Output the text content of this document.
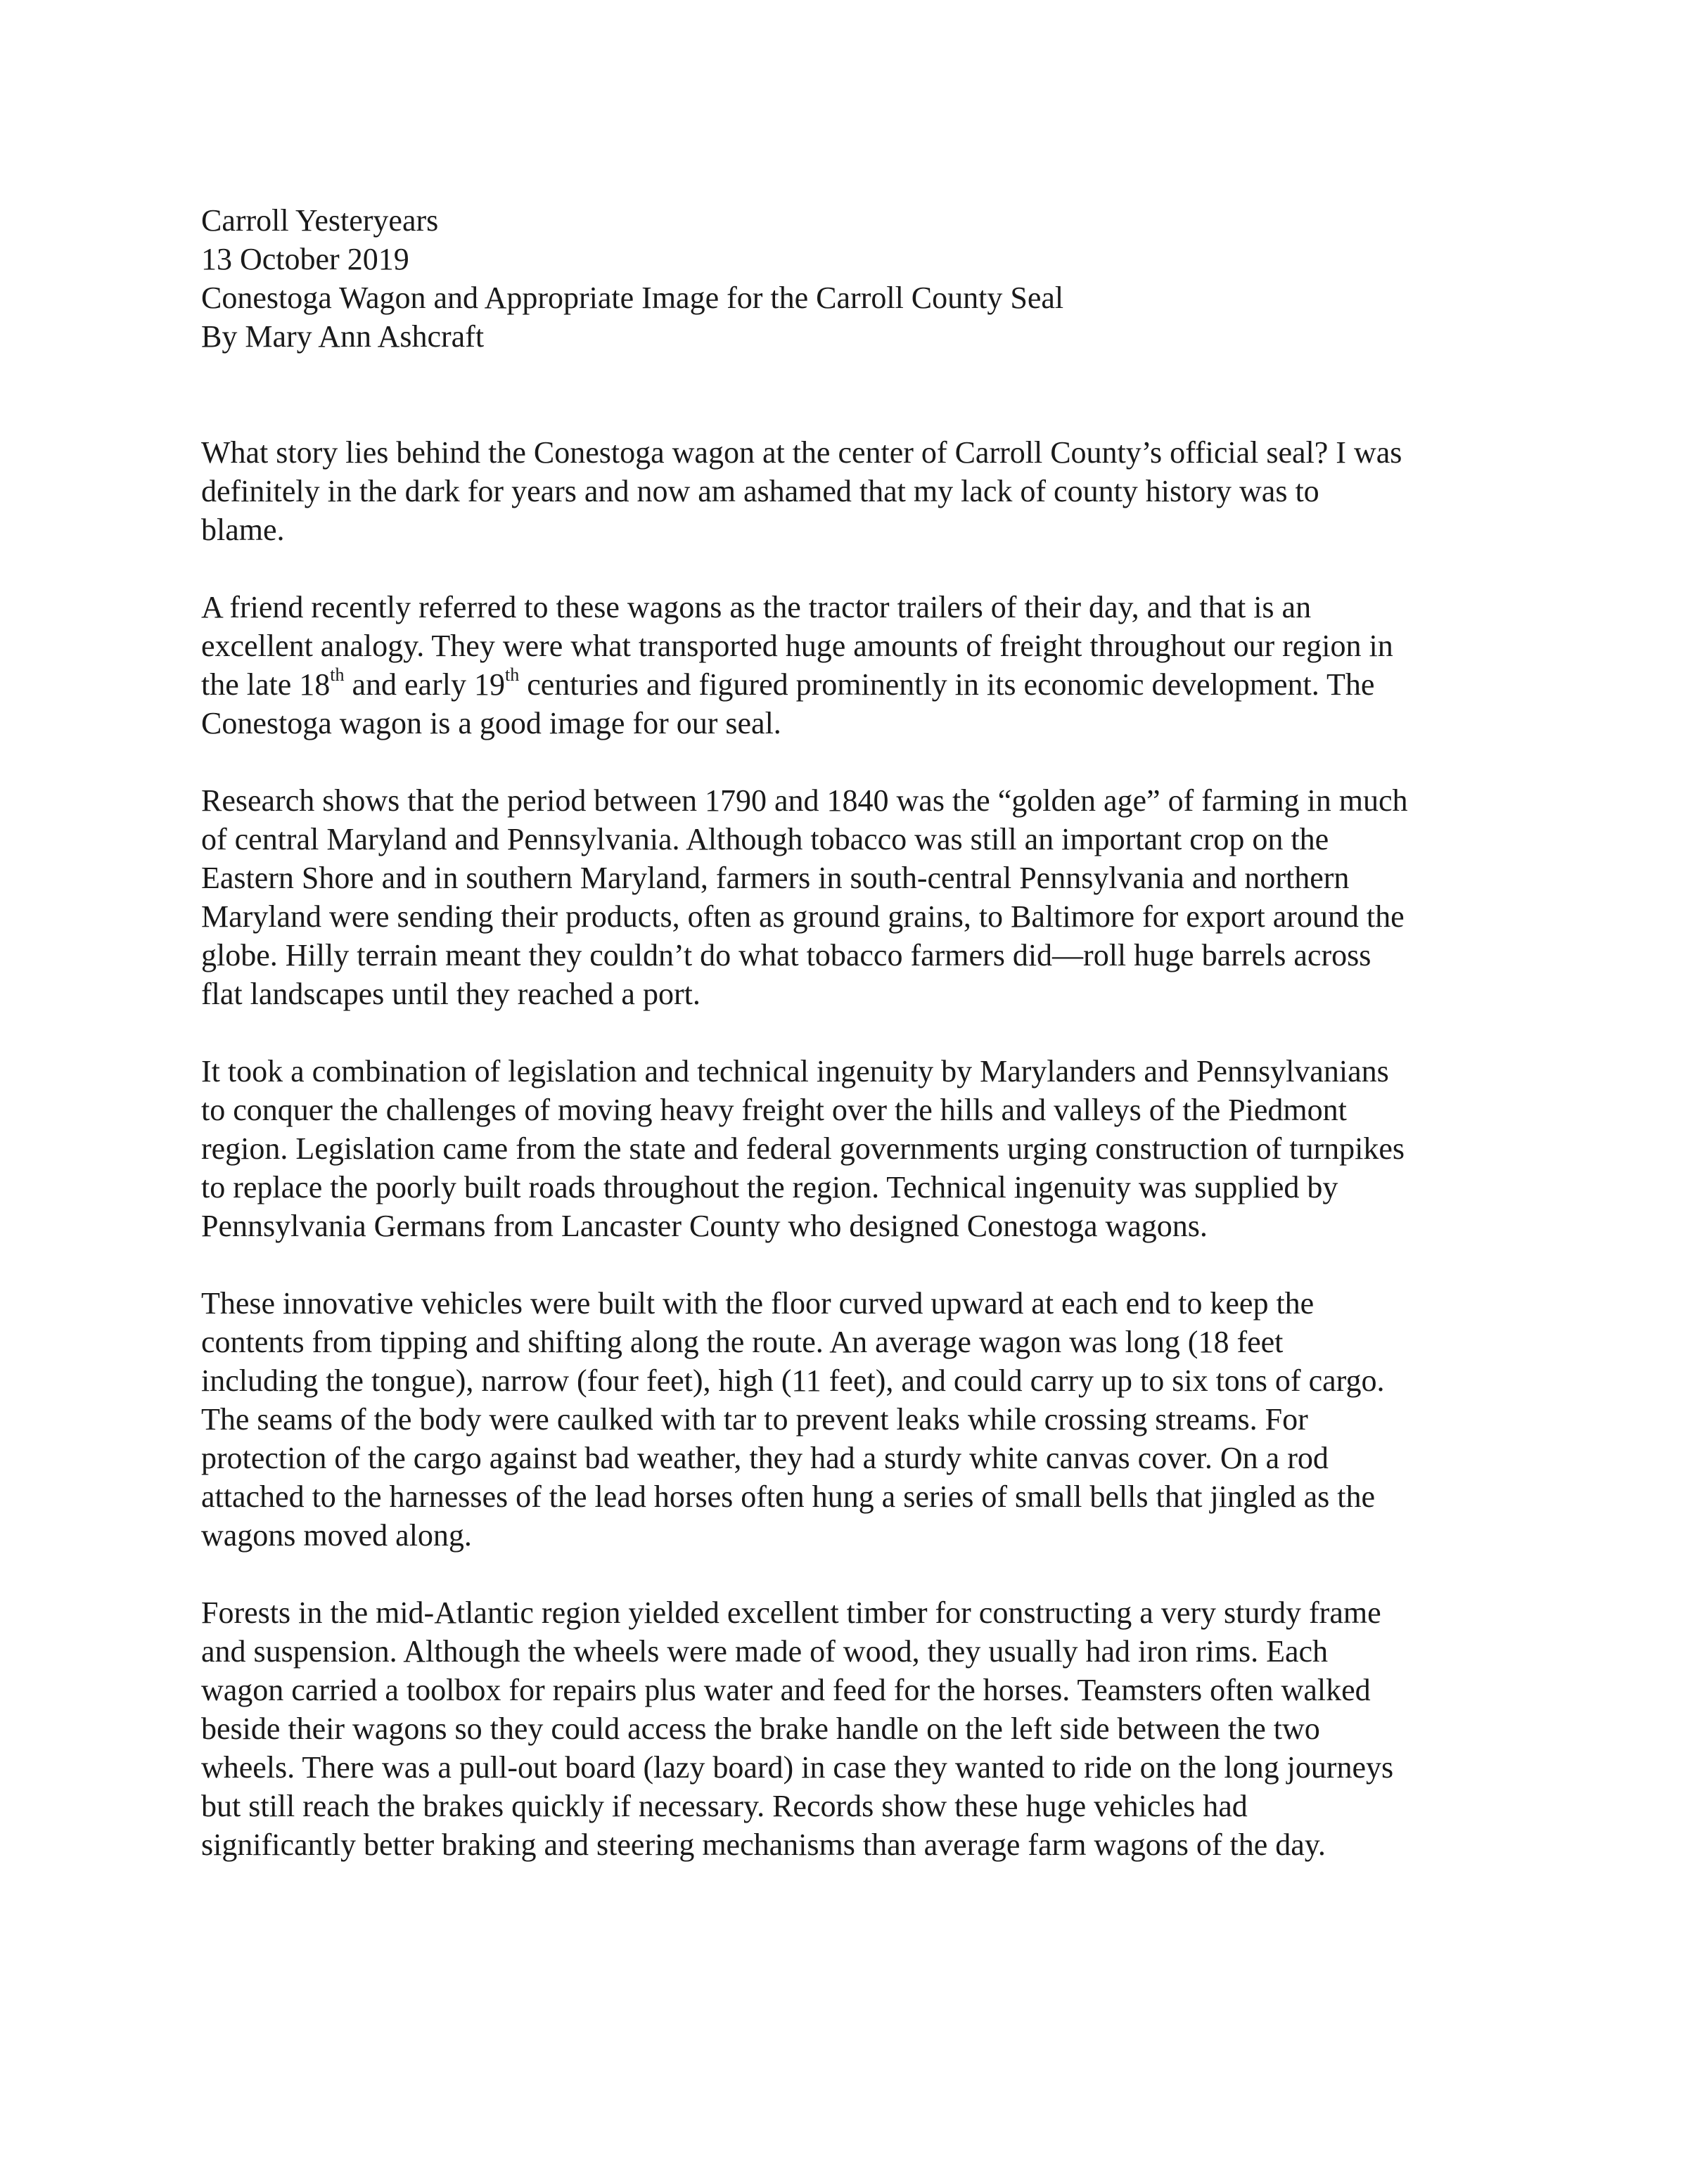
Carroll Yesteryears
13 October 2019
Conestoga Wagon and Appropriate Image for the Carroll County Seal
By Mary Ann Ashcraft

What story lies behind the Conestoga wagon at the center of Carroll County’s official seal? I was
definitely in the dark for years and now am ashamed that my lack of county history was to
blame.

A friend recently referred to these wagons as the tractor trailers of their day, and that is an
excellent analogy. They were what transported huge amounts of freight throughout our region in
the late 18th and early 19th centuries and figured prominently in its economic development. The
Conestoga wagon is a good image for our seal.

Research shows that the period between 1790 and 1840 was the “golden age” of farming in much
of central Maryland and Pennsylvania. Although tobacco was still an important crop on the
Eastern Shore and in southern Maryland, farmers in south-central Pennsylvania and northern
Maryland were sending their products, often as ground grains, to Baltimore for export around the
globe. Hilly terrain meant they couldn’t do what tobacco farmers did—roll huge barrels across
flat landscapes until they reached a port.

It took a combination of legislation and technical ingenuity by Marylanders and Pennsylvanians
to conquer the challenges of moving heavy freight over the hills and valleys of the Piedmont
region. Legislation came from the state and federal governments urging construction of turnpikes
to replace the poorly built roads throughout the region. Technical ingenuity was supplied by
Pennsylvania Germans from Lancaster County who designed Conestoga wagons.

These innovative vehicles were built with the floor curved upward at each end to keep the
contents from tipping and shifting along the route. An average wagon was long (18 feet
including the tongue), narrow (four feet), high (11 feet), and could carry up to six tons of cargo.
The seams of the body were caulked with tar to prevent leaks while crossing streams. For
protection of the cargo against bad weather, they had a sturdy white canvas cover. On a rod
attached to the harnesses of the lead horses often hung a series of small bells that jingled as the
wagons moved along.

Forests in the mid-Atlantic region yielded excellent timber for constructing a very sturdy frame
and suspension. Although the wheels were made of wood, they usually had iron rims. Each
wagon carried a toolbox for repairs plus water and feed for the horses. Teamsters often walked
beside their wagons so they could access the brake handle on the left side between the two
wheels. There was a pull-out board (lazy board) in case they wanted to ride on the long journeys
but still reach the brakes quickly if necessary. Records show these huge vehicles had
significantly better braking and steering mechanisms than average farm wagons of the day.
